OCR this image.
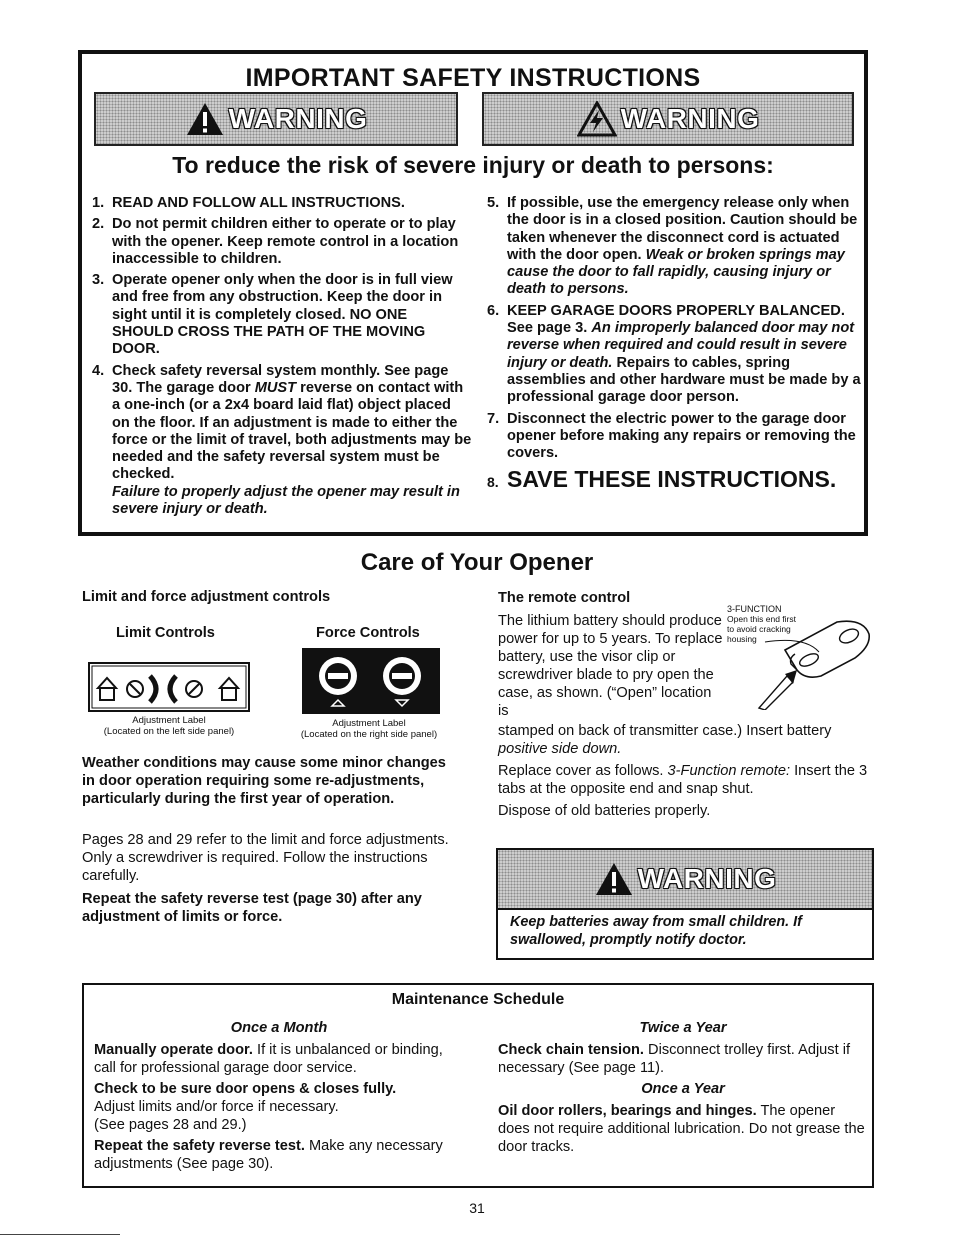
IMPORTANT SAFETY INSTRUCTIONS
WARNING	WARNING
To reduce the risk of severe injury or death to persons:
1. READ AND FOLLOW ALL INSTRUCTIONS.
2. Do not permit children either to operate or to play with the opener. Keep remote control in a location inaccessible to children.
3. Operate opener only when the door is in full view and free from any obstruction. Keep the door in sight until it is completely closed. NO ONE SHOULD CROSS THE PATH OF THE MOVING DOOR.
4. Check safety reversal system monthly. See page 30. The garage door MUST reverse on contact with a one-inch (or a 2x4 board laid flat) object placed on the floor. If an adjustment is made to either the force or the limit of travel, both adjustments may be needed and the safety reversal system must be checked.
Failure to properly adjust the opener may result in severe injury or death.
5. If possible, use the emergency release only when the door is in a closed position. Caution should be taken whenever the disconnect cord is actuated with the door open. Weak or broken springs may cause the door to fall rapidly, causing injury or death to persons.
6. KEEP GARAGE DOORS PROPERLY BALANCED. See page 3. An improperly balanced door may not reverse when required and could result in severe injury or death. Repairs to cables, spring assemblies and other hardware must be made by a professional garage door person.
7. Disconnect the electric power to the garage door opener before making any repairs or removing the covers.
8. SAVE THESE INSTRUCTIONS.
Care of Your Opener
Limit and force adjustment controls
Limit Controls	Force Controls
Adjustment Label
(Located on the left side panel)
Adjustment Label
(Located on the right side panel)
Weather conditions may cause some minor changes in door operation requiring some re-adjustments, particularly during the first year of operation.
Pages 28 and 29 refer to the limit and force adjustments. Only a screwdriver is required. Follow the instructions carefully.
Repeat the safety reverse test (page 30) after any adjustment of limits or force.
The remote control
The lithium battery should produce power for up to 5 years. To replace battery, use the visor clip or screwdriver blade to pry open the case, as shown. (“Open” location is
stamped on back of transmitter case.) Insert battery
positive side down.
Replace cover as follows. 3-Function remote: Insert the 3 tabs at the opposite end and snap shut.
Dispose of old batteries properly.
3-FUNCTION
Open this end first to avoid cracking housing
WARNING
Keep batteries away from small children. If swallowed, promptly notify doctor.
Maintenance Schedule
Once a Month
Manually operate door. If it is unbalanced or binding, call for professional garage door service.
Check to be sure door opens & closes fully.
Adjust limits and/or force if necessary.
(See pages 28 and 29.)
Repeat the safety reverse test. Make any necessary adjustments (See page 30).
Twice a Year
Check chain tension. Disconnect trolley first. Adjust if necessary (See page 11).
Once a Year
Oil door rollers, bearings and hinges. The opener does not require additional lubrication. Do not grease the door tracks.
31
